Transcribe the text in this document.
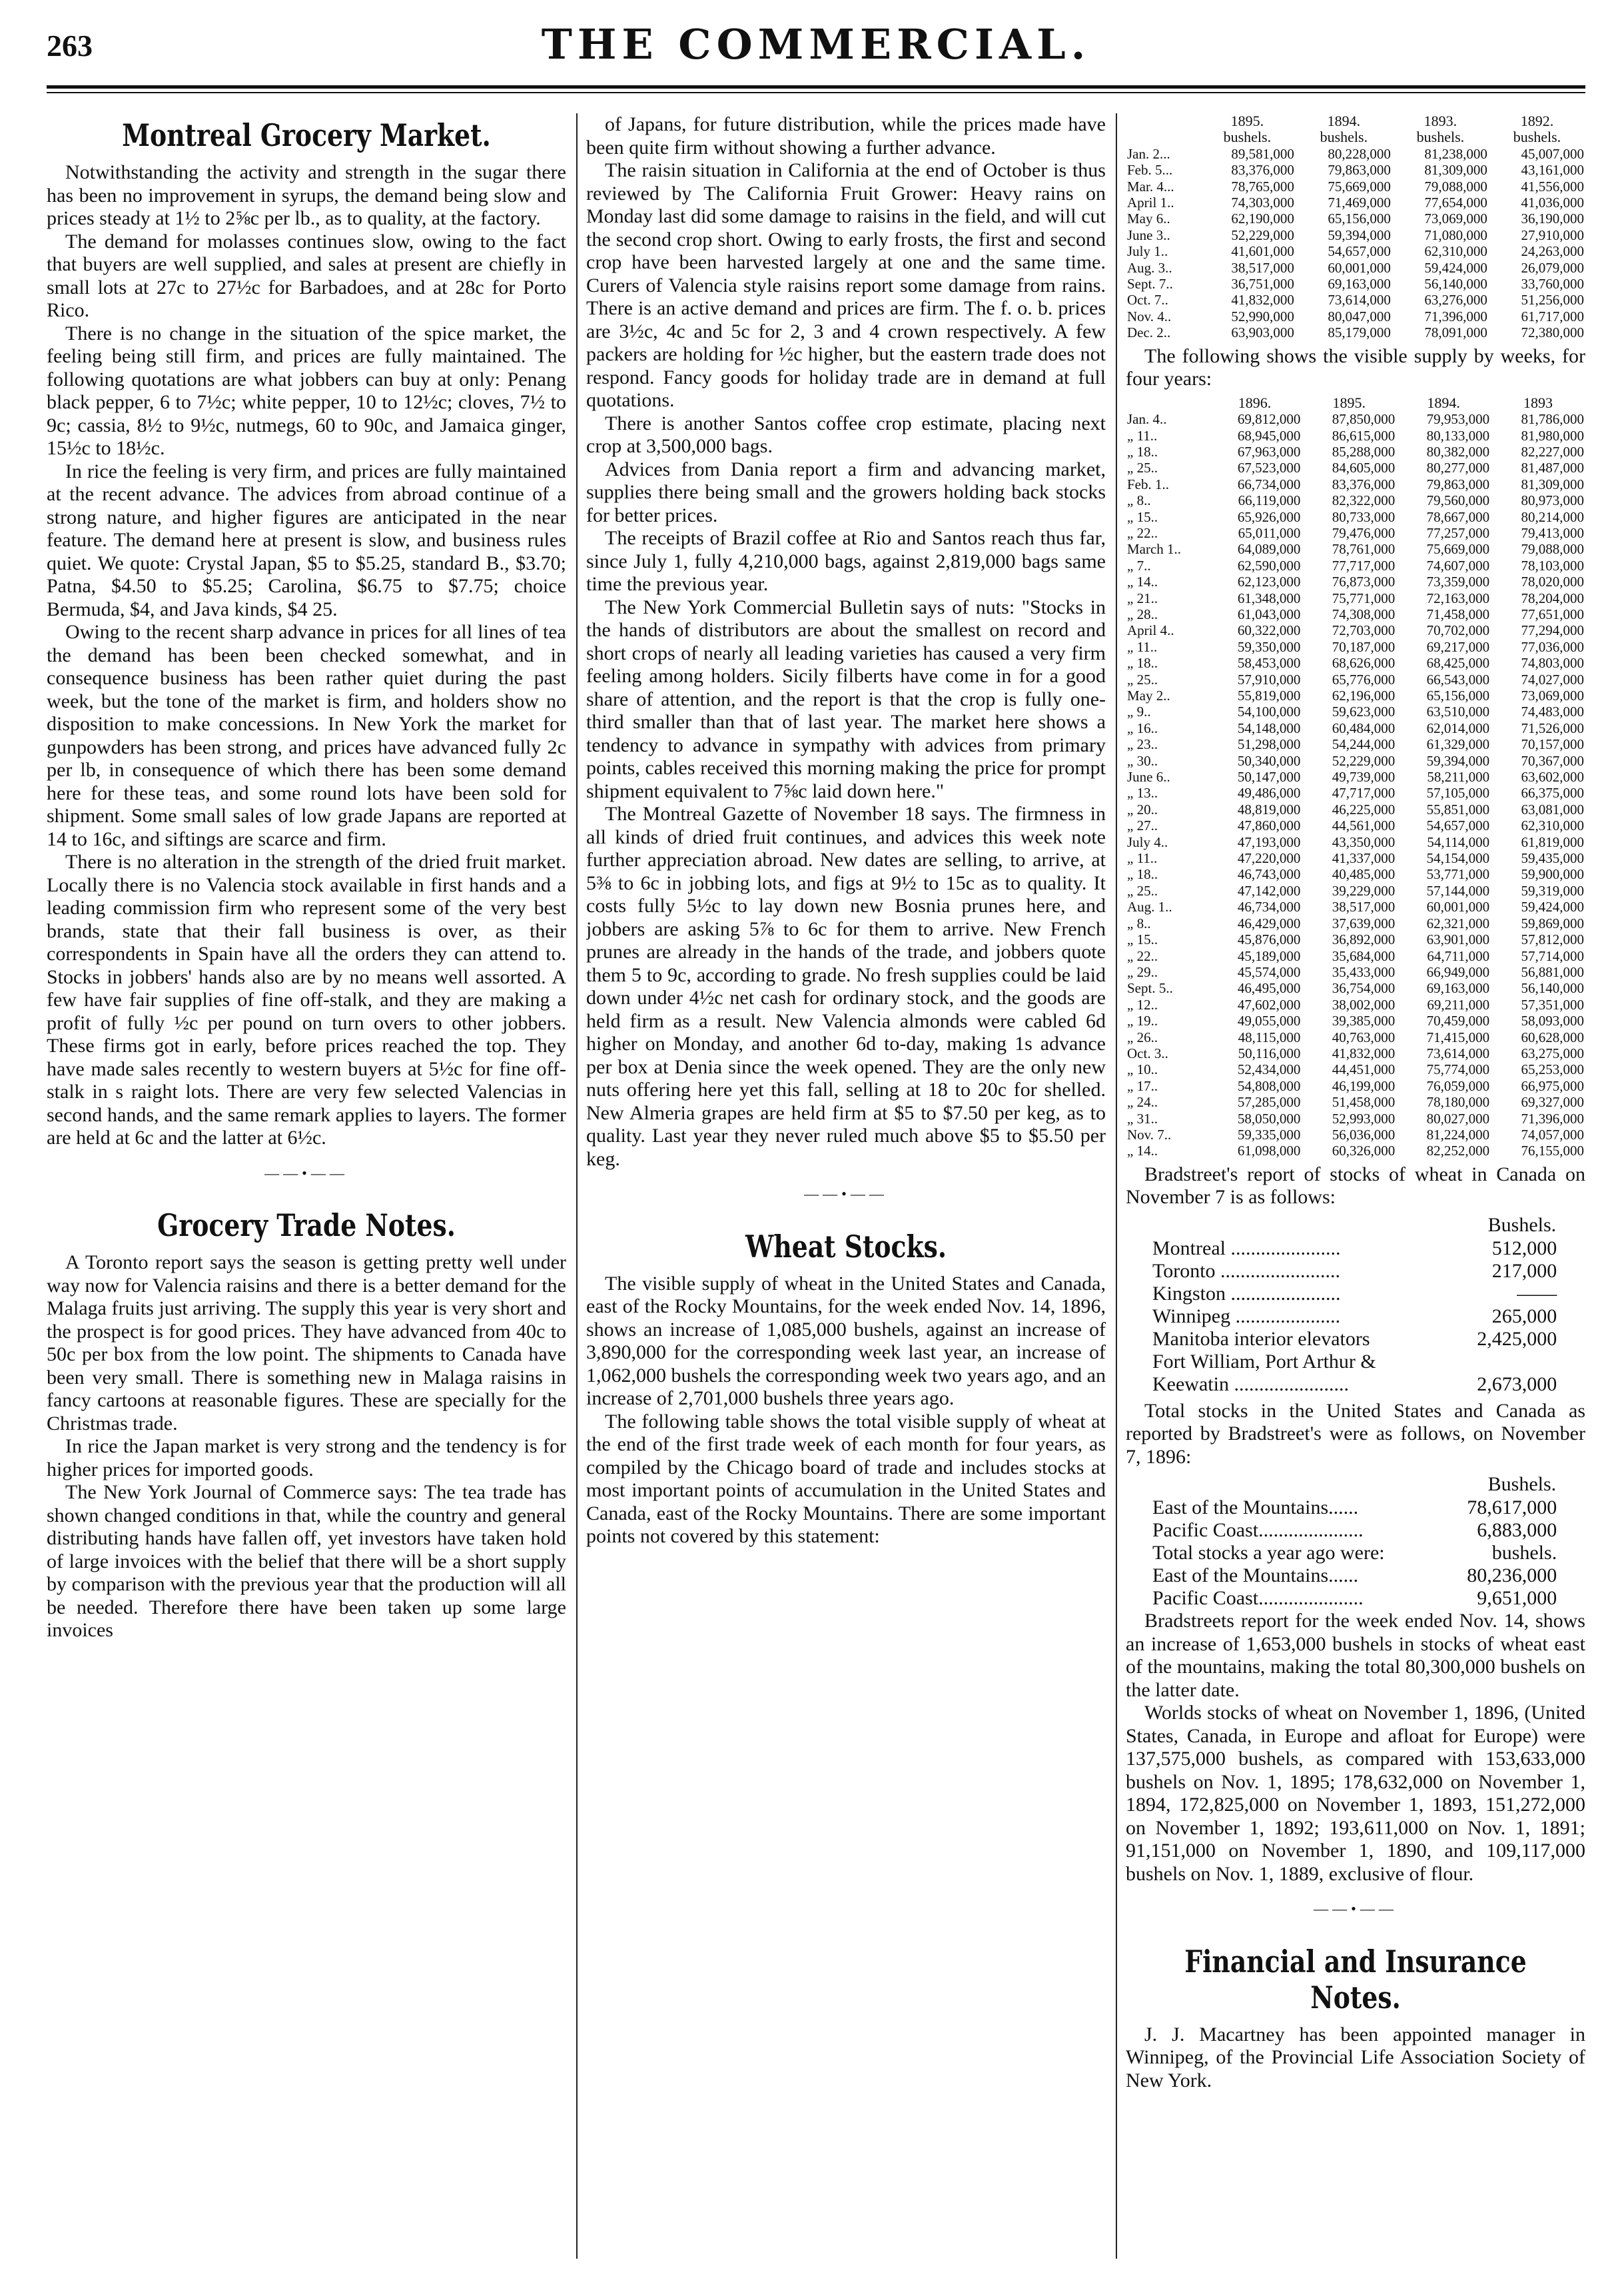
263	THE COMMERCIAL.
Montreal Grocery Market.

Notwithstanding the activity and strength in the sugar there has been no improvement in syrups, the demand being slow and prices steady at 1½ to 2⅝c per lb., as to quality, at the factory.

The demand for molasses continues slow, owing to the fact that buyers are well supplied, and sales at present are chiefly in small lots at 27c to 27½c for Barbadoes, and at 28c for Porto Rico.

There is no change in the situation of the spice market, the feeling being still firm, and prices are fully maintained. The following quotations are what jobbers can buy at only: Penang black pepper, 6 to 7½c; white pepper, 10 to 12½c; cloves, 7½ to 9c; cassia, 8½ to 9½c, nutmegs, 60 to 90c, and Jamaica ginger, 15½c to 18½c.

In rice the feeling is very firm, and prices are fully maintained at the recent advance. The advices from abroad continue of a strong nature, and higher figures are anticipated in the near feature. The demand here at present is slow, and business rules quiet. We quote: Crystal Japan, $5 to $5.25, standard B., $3.70; Patna, $4.50 to $5.25; Carolina, $6.75 to $7.75; choice Bermuda, $4, and Java kinds, $4 25.

Owing to the recent sharp advance in prices for all lines of tea the demand has been been checked somewhat, and in consequence business has been rather quiet during the past week, but the tone of the market is firm, and holders show no disposition to make concessions. In New York the market for gunpowders has been strong, and prices have advanced fully 2c per lb, in consequence of which there has been some demand here for these teas, and some round lots have been sold for shipment. Some small sales of low grade Japans are reported at 14 to 16c, and siftings are scarce and firm.

There is no alteration in the strength of the dried fruit market. Locally there is no Valencia stock available in first hands and a leading commission firm who represent some of the very best brands, state that their fall business is over, as their correspondents in Spain have all the orders they can attend to. Stocks in jobbers' hands also are by no means well assorted. A few have fair supplies of fine off-stalk, and they are making a profit of fully ½c per pound on turn overs to other jobbers. These firms got in early, before prices reached the top. They have made sales recently to western buyers at 5½c for fine off-stalk in s raight lots. There are very few selected Valencias in second hands, and the same remark applies to layers. The former are held at 6c and the latter at 6½c.

——•——
Grocery Trade Notes.

A Toronto report says the season is getting pretty well under way now for Valencia raisins and there is a better demand for the Malaga fruits just arriving. The supply this year is very short and the prospect is for good prices. They have advanced from 40c to 50c per box from the low point. The shipments to Canada have been very small. There is something new in Malaga raisins in fancy cartoons at reasonable figures. These are specially for the Christmas trade.

In rice the Japan market is very strong and the tendency is for higher prices for imported goods.

The New York Journal of Commerce says: The tea trade has shown changed conditions in that, while the country and general distributing hands have fallen off, yet investors have taken hold of large invoices with the belief that there will be a short supply by comparison with the previous year that the production will all be needed. Therefore there have been taken up some large invoices

of Japans, for future distribution, while the prices made have been quite firm without showing a further advance.

The raisin situation in California at the end of October is thus reviewed by The California Fruit Grower: Heavy rains on Monday last did some damage to raisins in the field, and will cut the second crop short. Owing to early frosts, the first and second crop have been harvested largely at one and the same time. Curers of Valencia style raisins report some damage from rains. There is an active demand and prices are firm. The f. o. b. prices are 3½c, 4c and 5c for 2, 3 and 4 crown respectively. A few packers are holding for ½c higher, but the eastern trade does not respond. Fancy goods for holiday trade are in demand at full quotations.

There is another Santos coffee crop estimate, placing next crop at 3,500,000 bags.

Advices from Dania report a firm and advancing market, supplies there being small and the growers holding back stocks for better prices.

The receipts of Brazil coffee at Rio and Santos reach thus far, since July 1, fully 4,210,000 bags, against 2,819,000 bags same time the previous year.

The New York Commercial Bulletin says of nuts: "Stocks in the hands of distributors are about the smallest on record and short crops of nearly all leading varieties has caused a very firm feeling among holders. Sicily filberts have come in for a good share of attention, and the report is that the crop is fully one-third smaller than that of last year. The market here shows a tendency to advance in sympathy with advices from primary points, cables received this morning making the price for prompt shipment equivalent to 7⅝c laid down here."

The Montreal Gazette of November 18 says. The firmness in all kinds of dried fruit continues, and advices this week note further appreciation abroad. New dates are selling, to arrive, at 5⅜ to 6c in jobbing lots, and figs at 9½ to 15c as to quality. It costs fully 5½c to lay down new Bosnia prunes here, and jobbers are asking 5⅞ to 6c for them to arrive. New French prunes are already in the hands of the trade, and jobbers quote them 5 to 9c, according to grade. No fresh supplies could be laid down under 4½c net cash for ordinary stock, and the goods are held firm as a result. New Valencia almonds were cabled 6d higher on Monday, and another 6d to-day, making 1s advance per box at Denia since the week opened. They are the only new nuts offering here yet this fall, selling at 18 to 20c for shelled. New Almeria grapes are held firm at $5 to $7.50 per keg, as to quality. Last year they never ruled much above $5 to $5.50 per keg.

——•——
Wheat Stocks.

The visible supply of wheat in the United States and Canada, east of the Rocky Mountains, for the week ended Nov. 14, 1896, shows an increase of 1,085,000 bushels, against an increase of 3,890,000 for the corresponding week last year, an increase of 1,062,000 bushels the corresponding week two years ago, and an increase of 2,701,000 bushels three years ago.

The following table shows the total visible supply of wheat at the end of the first trade week of each month for four years, as compiled by the Chicago board of trade and includes stocks at most important points of accumulation in the United States and Canada, east of the Rocky Mountains. There are some important points not covered by this statement:

	1895.	1894.	1893.	1892.
	bushels.	bushels.	bushels.	bushels.
Jan. 2...	89,581,000	80,228,000	81,238,000	45,007,000
Feb. 5...	83,376,000	79,863,000	81,309,000	43,161,000
Mar. 4...	78,765,000	75,669,000	79,088,000	41,556,000
April 1..	74,303,000	71,469,000	77,654,000	41,036,000
May 6..	62,190,000	65,156,000	73,069,000	36,190,000
June 3..	52,229,000	59,394,000	71,080,000	27,910,000
July 1..	41,601,000	54,657,000	62,310,000	24,263,000
Aug. 3..	38,517,000	60,001,000	59,424,000	26,079,000
Sept. 7..	36,751,000	69,163,000	56,140,000	33,760,000
Oct. 7..	41,832,000	73,614,000	63,276,000	51,256,000
Nov. 4..	52,990,000	80,047,000	71,396,000	61,717,000
Dec. 2..	63,903,000	85,179,000	78,091,000	72,380,000

The following shows the visible supply by weeks, for four years:

	1896.	1895.	1894.	1893
Jan. 4..	69,812,000	87,850,000	79,953,000	81,786,000
„ 11..	68,945,000	86,615,000	80,133,000	81,980,000
„ 18..	67,963,000	85,288,000	80,382,000	82,227,000
„ 25..	67,523,000	84,605,000	80,277,000	81,487,000
Feb. 1..	66,734,000	83,376,000	79,863,000	81,309,000
„ 8..	66,119,000	82,322,000	79,560,000	80,973,000
„ 15..	65,926,000	80,733,000	78,667,000	80,214,000
„ 22..	65,011,000	79,476,000	77,257,000	79,413,000
March 1..	64,089,000	78,761,000	75,669,000	79,088,000
„ 7..	62,590,000	77,717,000	74,607,000	78,103,000
„ 14..	62,123,000	76,873,000	73,359,000	78,020,000
„ 21..	61,348,000	75,771,000	72,163,000	78,204,000
„ 28..	61,043,000	74,308,000	71,458,000	77,651,000
April 4..	60,322,000	72,703,000	70,702,000	77,294,000
„ 11..	59,350,000	70,187,000	69,217,000	77,036,000
„ 18..	58,453,000	68,626,000	68,425,000	74,803,000
„ 25..	57,910,000	65,776,000	66,543,000	74,027,000
May 2..	55,819,000	62,196,000	65,156,000	73,069,000
„ 9..	54,100,000	59,623,000	63,510,000	74,483,000
„ 16..	54,148,000	60,484,000	62,014,000	71,526,000
„ 23..	51,298,000	54,244,000	61,329,000	70,157,000
„ 30..	50,340,000	52,229,000	59,394,000	70,367,000
June 6..	50,147,000	49,739,000	58,211,000	63,602,000
„ 13..	49,486,000	47,717,000	57,105,000	66,375,000
„ 20..	48,819,000	46,225,000	55,851,000	63,081,000
„ 27..	47,860,000	44,561,000	54,657,000	62,310,000
July 4..	47,193,000	43,350,000	54,114,000	61,819,000
„ 11..	47,220,000	41,337,000	54,154,000	59,435,000
„ 18..	46,743,000	40,485,000	53,771,000	59,900,000
„ 25..	47,142,000	39,229,000	57,144,000	59,319,000
Aug. 1..	46,734,000	38,517,000	60,001,000	59,424,000
„ 8..	46,429,000	37,639,000	62,321,000	59,869,000
„ 15..	45,876,000	36,892,000	63,901,000	57,812,000
„ 22..	45,189,000	35,684,000	64,711,000	57,714,000
„ 29..	45,574,000	35,433,000	66,949,000	56,881,000
Sept. 5..	46,495,000	36,754,000	69,163,000	56,140,000
„ 12..	47,602,000	38,002,000	69,211,000	57,351,000
„ 19..	49,055,000	39,385,000	70,459,000	58,093,000
„ 26..	48,115,000	40,763,000	71,415,000	60,628,000
Oct. 3..	50,116,000	41,832,000	73,614,000	63,275,000
„ 10..	52,434,000	44,451,000	75,774,000	65,253,000
„ 17..	54,808,000	46,199,000	76,059,000	66,975,000
„ 24..	57,285,000	51,458,000	78,180,000	69,327,000
„ 31..	58,050,000	52,993,000	80,027,000	71,396,000
Nov. 7..	59,335,000	56,036,000	81,224,000	74,057,000
„ 14..	61,098,000	60,326,000	82,252,000	76,155,000

Bradstreet's report of stocks of wheat in Canada on November 7 is as follows:

	Bushels.
Montreal ......................	512,000
Toronto ........................	217,000
Kingston ......................	——
Winnipeg .....................	265,000
Manitoba interior elevators	2,425,000
Fort William, Port Arthur &	
Keewatin .......................	2,673,000

Total stocks in the United States and Canada as reported by Bradstreet's were as follows, on November 7, 1896:

	Bushels.
East of the Mountains......	78,617,000
Pacific Coast.....................	6,883,000
Total stocks a year ago were:	bushels.
East of the Mountains......	80,236,000
Pacific Coast.....................	9,651,000

Bradstreets report for the week ended Nov. 14, shows an increase of 1,653,000 bushels in stocks of wheat east of the mountains, making the total 80,300,000 bushels on the latter date.

Worlds stocks of wheat on November 1, 1896, (United States, Canada, in Europe and afloat for Europe) were 137,575,000 bushels, as compared with 153,633,000 bushels on Nov. 1, 1895; 178,632,000 on November 1, 1894, 172,825,000 on November 1, 1893, 151,272,000 on November 1, 1892; 193,611,000 on Nov. 1, 1891; 91,151,000 on November 1, 1890, and 109,117,000 bushels on Nov. 1, 1889, exclusive of flour.

——•——
Financial and Insurance Notes.

J. J. Macartney has been appointed manager in Winnipeg, of the Provincial Life Association Society of New York.
